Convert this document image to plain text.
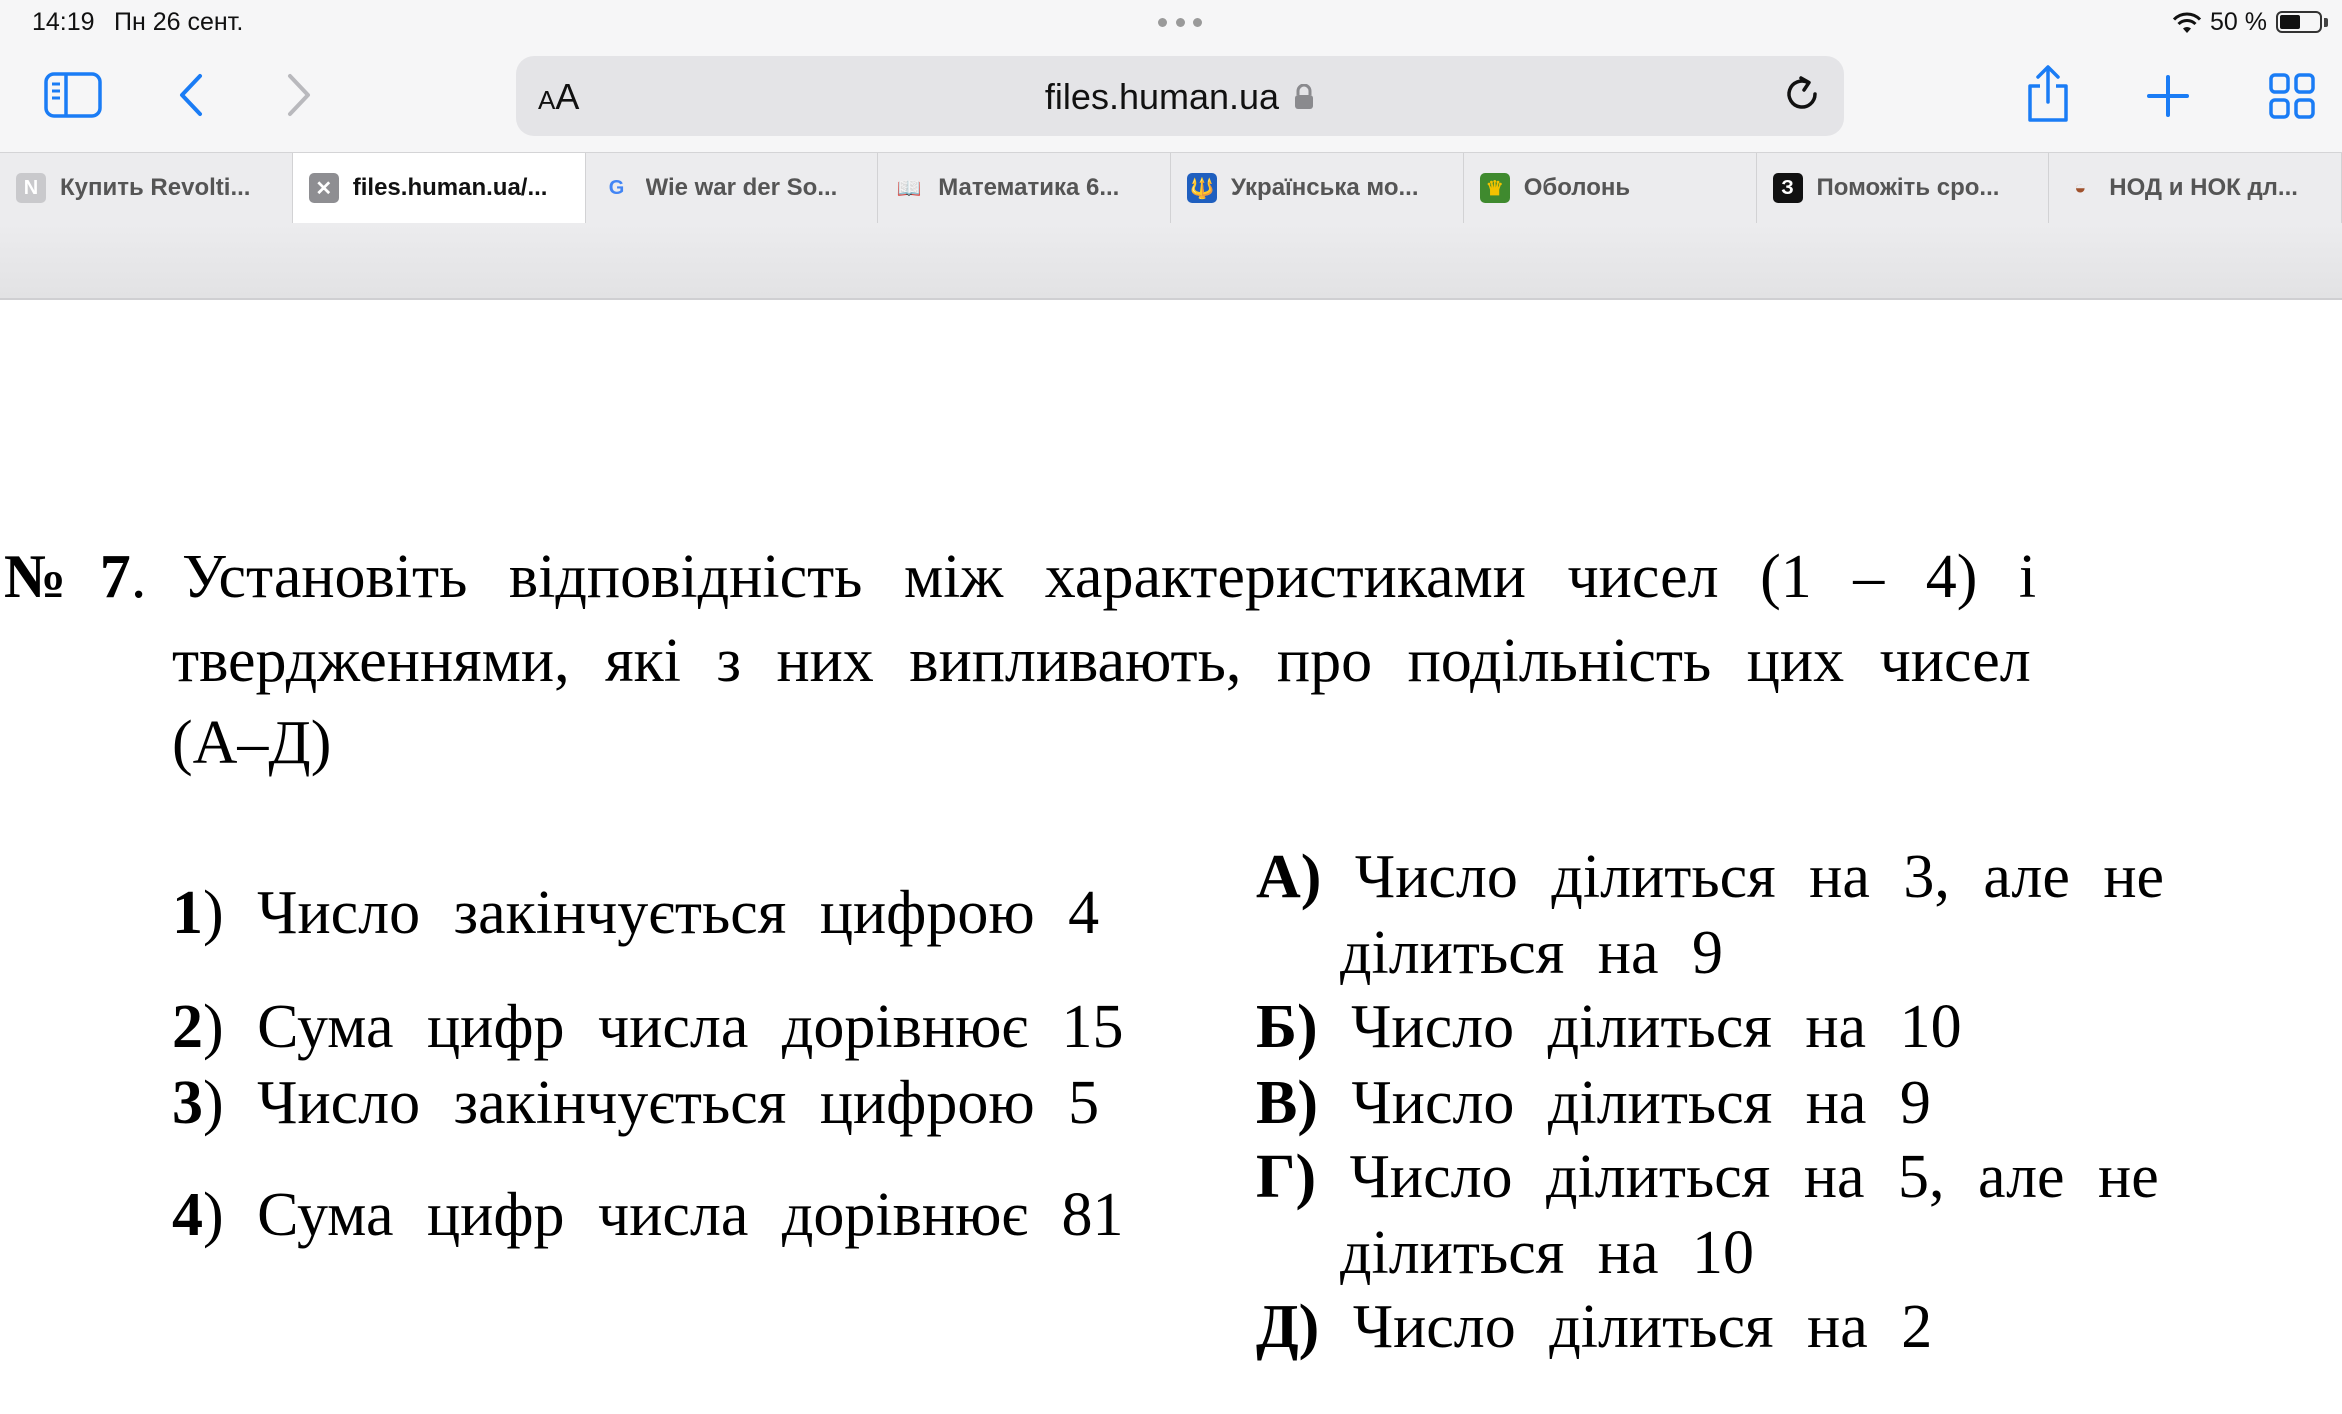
14:19 Пн 26 сент.	50 %
AA	files.human.ua
N Купить Revolti...	✕ files.human.ua/...	G Wie war der So...	📖 Математика 6...	🔱 Українська мо...	♛ Оболонь	З Поможіть сро...	◒ НОД и НОК дл...
№ 7. Установіть відповідність між характеристиками чисел (1 – 4) і
твердженнями, які з них випливають, про подільність цих чисел
(А–Д)
1) Число закінчується цифрою 4
2) Сума цифр числа дорівнює 15
3) Число закінчується цифрою 5
4) Сума цифр числа дорівнює 81
А) Число ділиться на 3, але не
ділиться на 9
Б) Число ділиться на 10
В) Число ділиться на 9
Г) Число ділиться на 5, але не
ділиться на 10
Д) Число ділиться на 2
